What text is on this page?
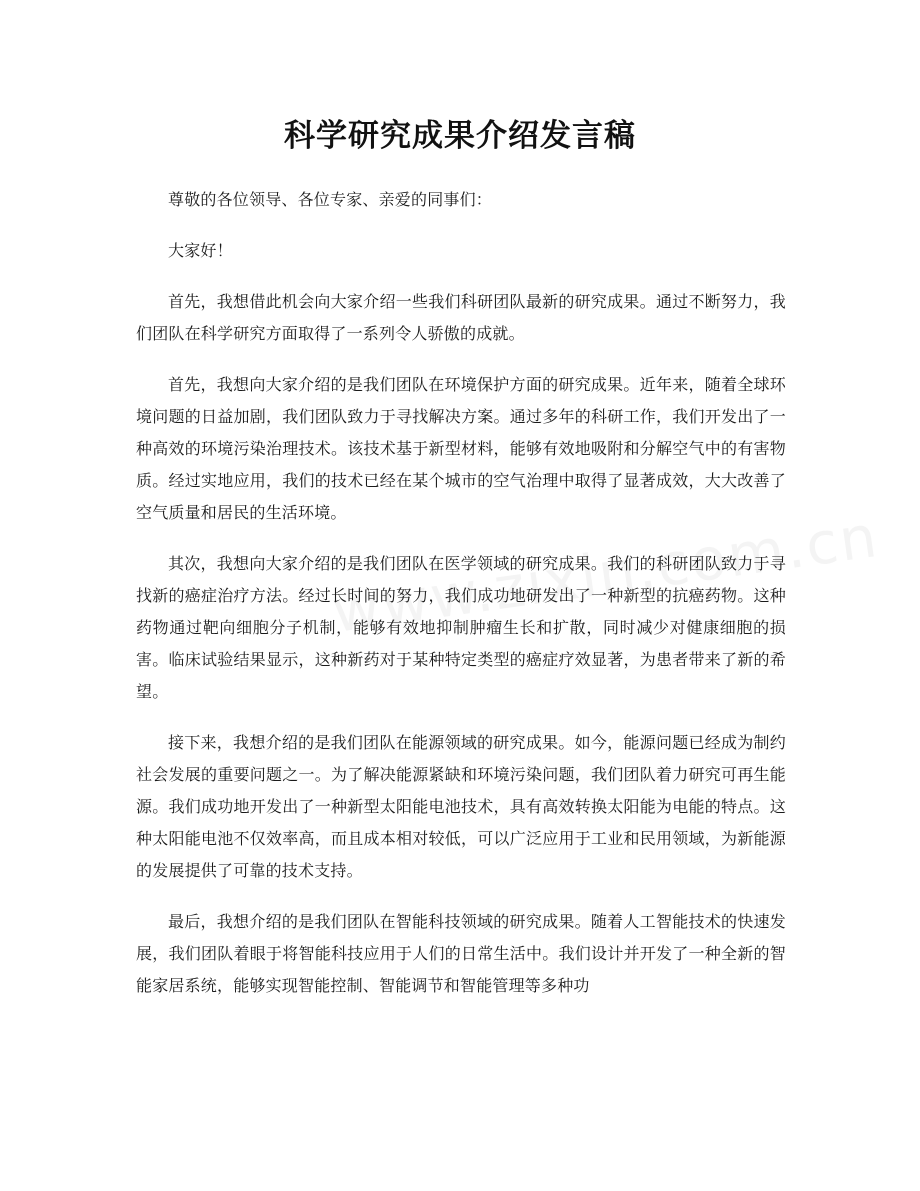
科学研究成果介绍发言稿

尊敬的各位领导、各位专家、亲爱的同事们：

大家好！

首先，我想借此机会向大家介绍一些我们科研团队最新的研究成果。通过不断努力，我们团队在科学研究方面取得了一系列令人骄傲的成就。

首先，我想向大家介绍的是我们团队在环境保护方面的研究成果。近年来，随着全球环境问题的日益加剧，我们团队致力于寻找解决方案。通过多年的科研工作，我们开发出了一种高效的环境污染治理技术。该技术基于新型材料，能够有效地吸附和分解空气中的有害物质。经过实地应用，我们的技术已经在某个城市的空气治理中取得了显著成效，大大改善了空气质量和居民的生活环境。

其次，我想向大家介绍的是我们团队在医学领域的研究成果。我们的科研团队致力于寻找新的癌症治疗方法。经过长时间的努力，我们成功地研发出了一种新型的抗癌药物。这种药物通过靶向细胞分子机制，能够有效地抑制肿瘤生长和扩散，同时减少对健康细胞的损害。临床试验结果显示，这种新药对于某种特定类型的癌症疗效显著，为患者带来了新的希望。

接下来，我想介绍的是我们团队在能源领域的研究成果。如今，能源问题已经成为制约社会发展的重要问题之一。为了解决能源紧缺和环境污染问题，我们团队着力研究可再生能源。我们成功地开发出了一种新型太阳能电池技术，具有高效转换太阳能为电能的特点。这种太阳能电池不仅效率高，而且成本相对较低，可以广泛应用于工业和民用领域，为新能源的发展提供了可靠的技术支持。

最后，我想介绍的是我们团队在智能科技领域的研究成果。随着人工智能技术的快速发展，我们团队着眼于将智能科技应用于人们的日常生活中。我们设计并开发了一种全新的智能家居系统，能够实现智能控制、智能调节和智能管理等多种功
